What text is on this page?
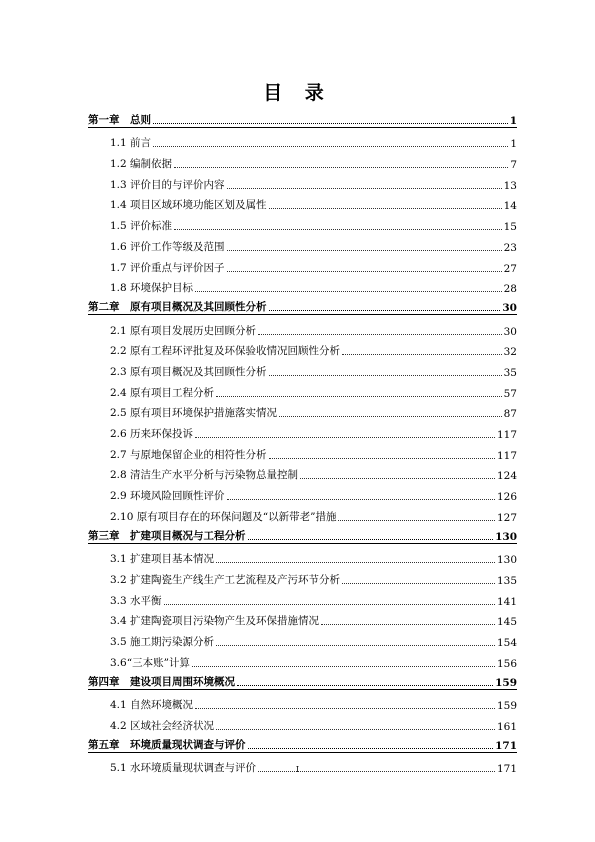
目 录
第一章　总则	1
1.1 前言	1
1.2 编制依据	7
1.3 评价目的与评价内容	13
1.4 项目区域环境功能区划及属性	14
1.5 评价标准	15
1.6 评价工作等级及范围	23
1.7 评价重点与评价因子	27
1.8 环境保护目标	28
第二章　原有项目概况及其回顾性分析	30
2.1 原有项目发展历史回顾分析	30
2.2 原有工程环评批复及环保验收情况回顾性分析	32
2.3 原有项目概况及其回顾性分析	35
2.4 原有项目工程分析	57
2.5 原有项目环境保护措施落实情况	87
2.6 历来环保投诉	117
2.7 与原地保留企业的相符性分析	117
2.8 清洁生产水平分析与污染物总量控制	124
2.9 环境风险回顾性评价	126
2.10 原有项目存在的环保问题及“以新带老”措施	127
第三章　扩建项目概况与工程分析	130
3.1 扩建项目基本情况	130
3.2 扩建陶瓷生产线生产工艺流程及产污环节分析	135
3.3 水平衡	141
3.4 扩建陶瓷项目污染物产生及环保措施情况	145
3.5 施工期污染源分析	154
3.6“三本账”计算	156
第四章　建设项目周围环境概况	159
4.1 自然环境概况	159
4.2 区域社会经济状况	161
第五章　环境质量现状调查与评价	171
5.1 水环境质量现状调查与评价	171
I
